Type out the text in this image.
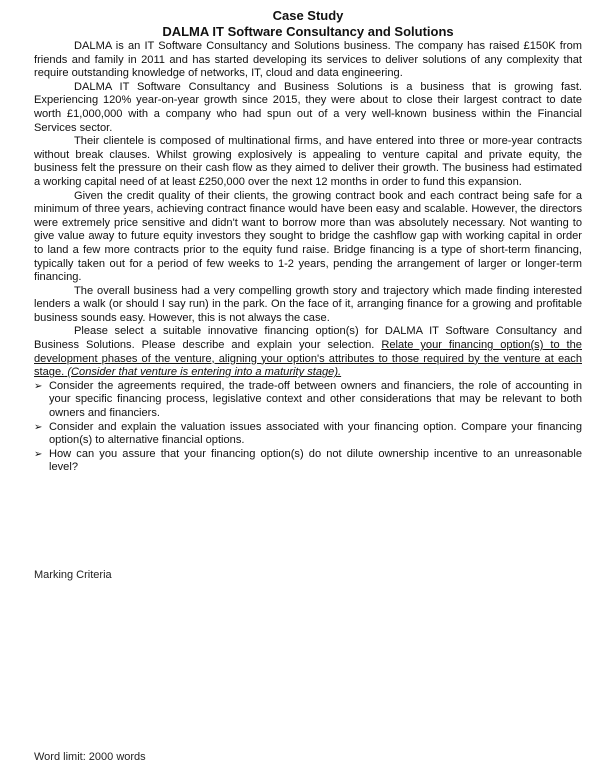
Case Study

DALMA IT Software Consultancy and Solutions

DALMA is an IT Software Consultancy and Solutions business. The company has raised £150K from friends and family in 2011 and has started developing its services to deliver solutions of any complexity that require outstanding knowledge of networks, IT, cloud and data engineering.

DALMA IT Software Consultancy and Business Solutions is a business that is growing fast. Experiencing 120% year-on-year growth since 2015, they were about to close their largest contract to date worth £1,000,000 with a company who had spun out of a very well-known business within the Financial Services sector.

Their clientele is composed of multinational firms, and have entered into three or more-year contracts without break clauses. Whilst growing explosively is appealing to venture capital and private equity, the business felt the pressure on their cash flow as they aimed to deliver their growth. The business had estimated a working capital need of at least £250,000 over the next 12 months in order to fund this expansion.

Given the credit quality of their clients, the growing contract book and each contract being safe for a minimum of three years, achieving contract finance would have been easy and scalable. However, the directors were extremely price sensitive and didn't want to borrow more than was absolutely necessary. Not wanting to give value away to future equity investors they sought to bridge the cashflow gap with working capital in order to land a few more contracts prior to the equity fund raise. Bridge financing is a type of short-term financing, typically taken out for a period of few weeks to 1-2 years, pending the arrangement of larger or longer-term financing.

The overall business had a very compelling growth story and trajectory which made finding interested lenders a walk (or should I say run) in the park. On the face of it, arranging finance for a growing and profitable business sounds easy. However, this is not always the case.

Please select a suitable innovative financing option(s) for DALMA IT Software Consultancy and Business Solutions. Please describe and explain your selection. Relate your financing option(s) to the development phases of the venture, aligning your option's attributes to those required by the venture at each stage. (Consider that venture is entering into a maturity stage).

➢ Consider the agreements required, the trade-off between owners and financiers, the role of accounting in your specific financing process, legislative context and other considerations that may be relevant to both owners and financiers.
➢ Consider and explain the valuation issues associated with your financing option. Compare your financing option(s) to alternative financial options.
➢ How can you assure that your financing option(s) do not dilute ownership incentive to an unreasonable level?
Marking Criteria
Word limit: 2000 words
